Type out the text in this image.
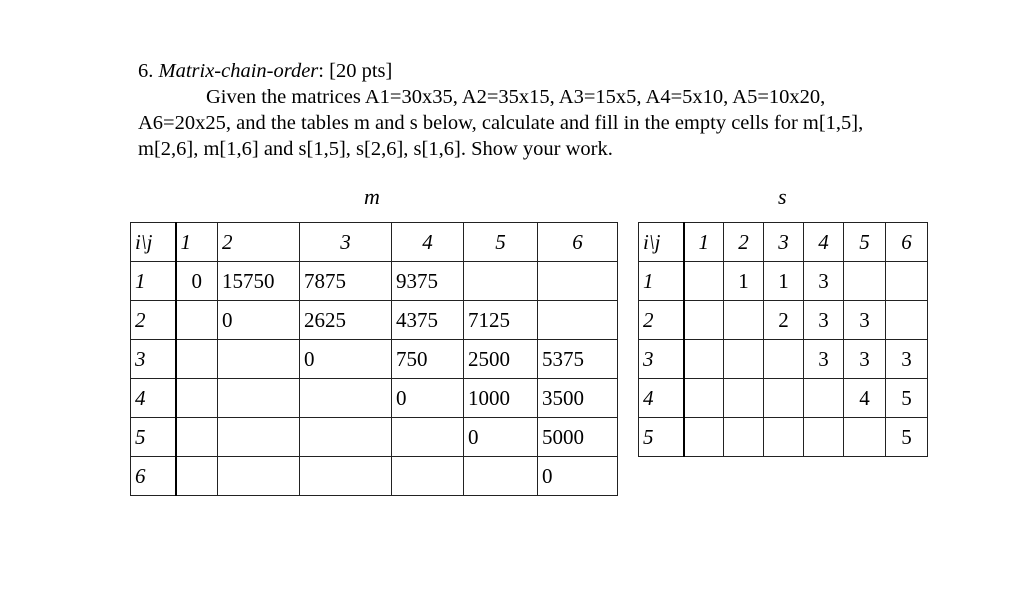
6. Matrix-chain-order: [20 pts]
Given the matrices A1=30x35, A2=35x15, A3=15x5, A4=5x10, A5=10x20,
A6=20x25, and the tables m and s below, calculate and fill in the empty cells for m[1,5],
m[2,6], m[1,6] and s[1,5], s[2,6], s[1,6]. Show your work.
m	s
i\j	1	2	3	4	5	6
1	0	15750	7875	9375		
2		0	2625	4375	7125	
3			0	750	2500	5375
4				0	1000	3500
5					0	5000
6						0
i\j	1	2	3	4	5	6
1		1	1	3		
2			2	3	3	
3				3	3	3
4					4	5
5						5
